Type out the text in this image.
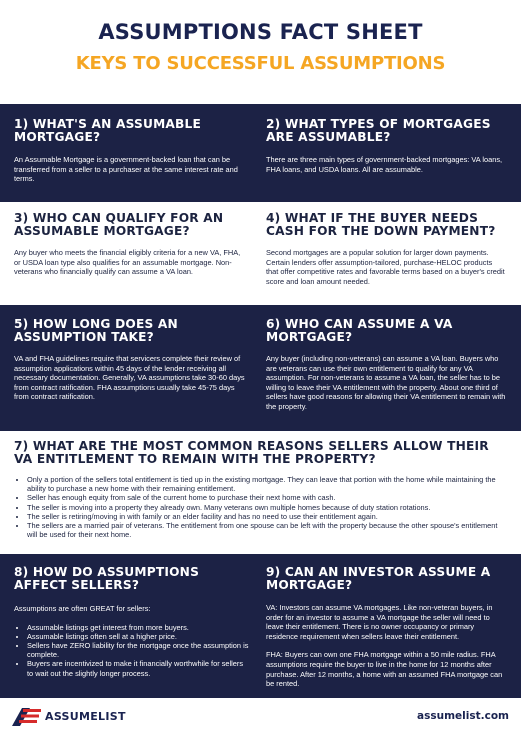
ASSUMPTIONS FACT SHEET
KEYS TO SUCCESSFUL ASSUMPTIONS

1) WHAT'S AN ASSUMABLE MORTGAGE?

An Assumable Mortgage is a government-backed loan that can be transferred from a seller to a purchaser at the same interest rate and terms.

2) WHAT TYPES OF MORTGAGES ARE ASSUMABLE?

There are three main types of government-backed mortgages: VA loans, FHA loans, and USDA loans. All are assumable.

3) WHO CAN QUALIFY FOR AN ASSUMABLE MORTGAGE?

Any buyer who meets the financial eligibly criteria for a new VA, FHA, or USDA loan type also qualifies for an assumable mortgage. Non-veterans who financially qualify can assume a VA loan.

4) WHAT IF THE BUYER NEEDS CASH FOR THE DOWN PAYMENT?

Second mortgages are a popular solution for larger down payments. Certain lenders offer assumption-tailored, purchase-HELOC products that offer competitive rates and favorable terms based on a buyer's credit score and loan amount needed.

5) HOW LONG DOES AN ASSUMPTION TAKE?

VA and FHA guidelines require that servicers complete their review of assumption applications within 45 days of the lender receiving all necessary documentation. Generally, VA assumptions take 30-60 days from contract ratification. FHA assumptions usually take 45-75 days from contract ratification.

6) WHO CAN ASSUME A VA MORTGAGE?

Any buyer (including non-veterans) can assume a VA loan. Buyers who are veterans can use their own entitlement to qualify for any VA assumption. For non-veterans to assume a VA loan, the seller has to be willing to leave their VA entitlement with the property. About one third of sellers have good reasons for allowing their VA entitlement to remain with the property.

7) WHAT ARE THE MOST COMMON REASONS SELLERS ALLOW THEIR VA ENTITLEMENT TO REMAIN WITH THE PROPERTY?

• Only a portion of the sellers total entitlement is tied up in the existing mortgage. They can leave that portion with the home while maintaining the ability to purchase a new home with their remaining entitlement.
• Seller has enough equity from sale of the current home to purchase their next home with cash.
• The seller is moving into a property they already own. Many veterans own multiple homes because of duty station rotations.
• The seller is retiring/moving in with family or an elder facility and has no need to use their entitlement again.
• The sellers are a married pair of veterans. The entitlement from one spouse can be left with the property because the other spouse's entitlement will be used for their next home.

8) HOW DO ASSUMPTIONS AFFECT SELLERS?

Assumptions are often GREAT for sellers:

• Assumable listings get interest from more buyers.
• Assumable listings often sell at a higher price.
• Sellers have ZERO liability for the mortgage once the assumption is complete.
• Buyers are incentivized to make it financially worthwhile for sellers to wait out the slightly longer process.

9) CAN AN INVESTOR ASSUME A MORTGAGE?

VA: Investors can assume VA mortgages. Like non-veteran buyers, in order for an investor to assume a VA mortgage the seller will need to leave their entitlement. There is no owner occupancy or primary residence requirement when sellers leave their entitlement.

FHA: Buyers can own one FHA mortgage within a 50 mile radius. FHA assumptions require the buyer to live in the home for 12 months after purchase. After 12 months, a home with an assumed FHA mortgage can be rented.

ASSUMELIST	assumelist.com
